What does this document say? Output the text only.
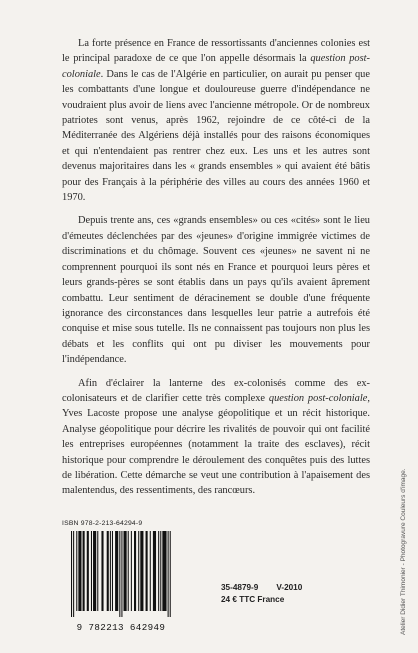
La forte présence en France de ressortissants d'anciennes colonies est le principal paradoxe de ce que l'on appelle désormais la question post-coloniale. Dans le cas de l'Algérie en particulier, on aurait pu penser que les combattants d'une longue et douloureuse guerre d'indépendance ne voudraient plus avoir de liens avec l'ancienne métropole. Or de nombreux patriotes sont venus, après 1962, rejoindre de ce côté-ci de la Méditerranée des Algériens déjà installés pour des raisons économiques et qui n'entendaient pas rentrer chez eux. Les uns et les autres sont devenus majoritaires dans les « grands ensembles » qui avaient été bâtis pour des Français à la périphérie des villes au cours des années 1960 et 1970.

Depuis trente ans, ces «grands ensembles» ou ces «cités» sont le lieu d'émeutes déclenchées par des «jeunes» d'origine immigrée victimes de discriminations et du chômage. Souvent ces «jeunes» ne savent ni ne comprennent pourquoi ils sont nés en France et pourquoi leurs pères et leurs grands-pères se sont établis dans un pays qu'ils avaient âprement combattu. Leur sentiment de déracinement se double d'une fréquente ignorance des circonstances dans lesquelles leur patrie a autrefois été conquise et mise sous tutelle. Ils ne connaissent pas toujours non plus les débats et les conflits qui ont pu diviser les mouvements pour l'indépendance.

Afin d'éclairer la lanterne des ex-colonisés comme des ex-colonisateurs et de clarifier cette très complexe question post-coloniale, Yves Lacoste propose une analyse géopolitique et un récit historique. Analyse géopolitique pour décrire les rivalités de pouvoir qui ont facilité les entreprises européennes (notamment la traite des esclaves), récit historique pour comprendre le déroulement des conquêtes puis des luttes de libération. Cette démarche se veut une contribution à l'apaisement des malentendus, des ressentiments, des rancœurs.	Atelier Didier Thimonier - Photogravure Couleurs d'image.
ISBN 978-2-213-64294-9
9 782213 642949
35-4879-9 V-2010
24 € TTC France
